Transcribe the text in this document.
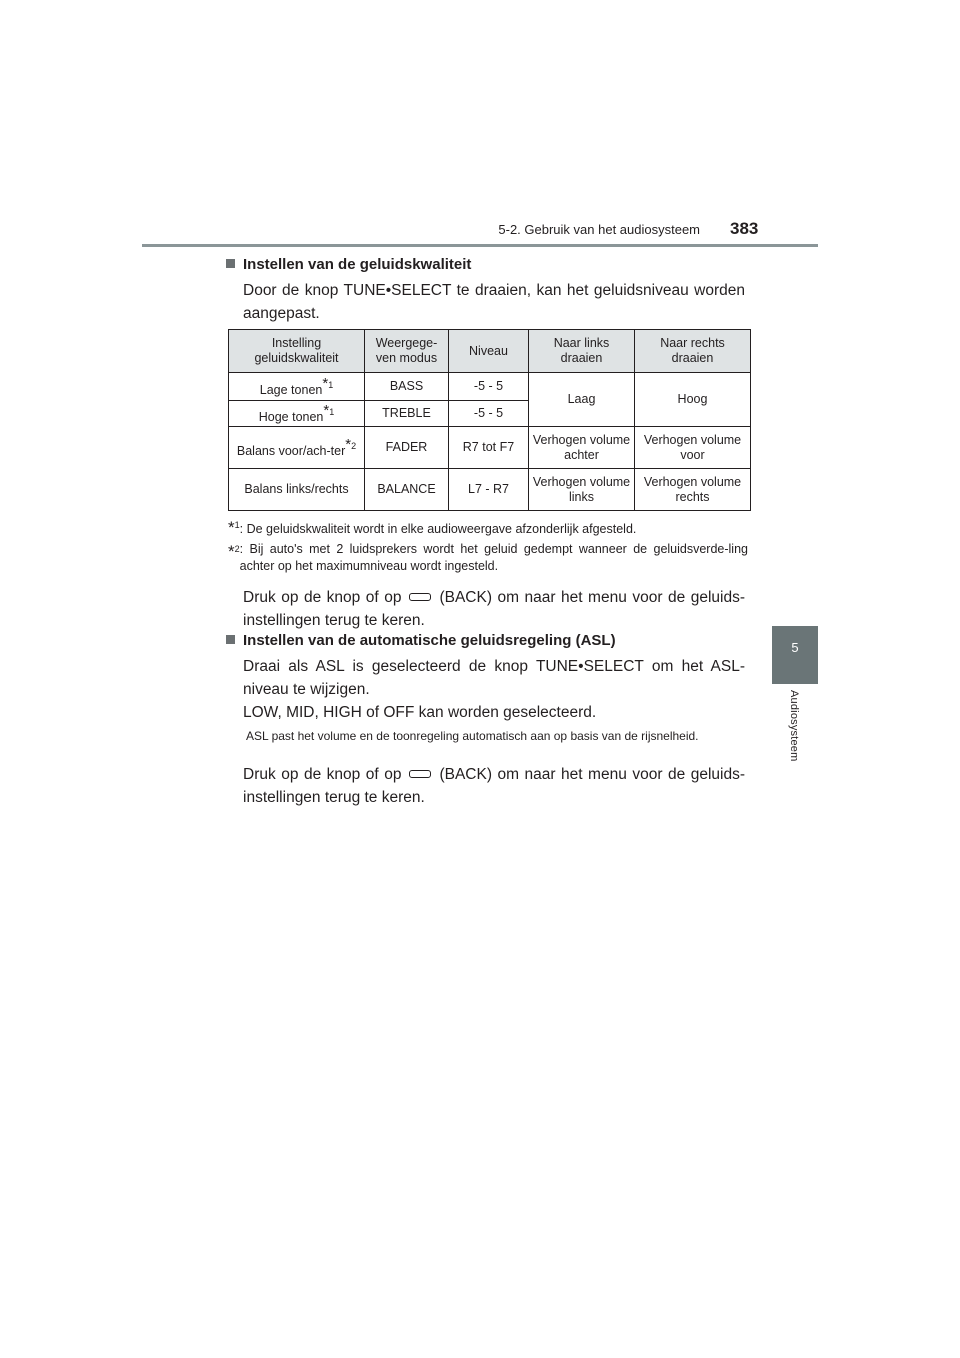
5-2. Gebruik van het audiosysteem 383
5
Audiosysteem
Instellen van de geluidskwaliteit
Door de knop TUNE•SELECT te draaien, kan het geluidsniveau worden aangepast.
Instelling geluidskwaliteit	Weergege-ven modus	Niveau	Naar links draaien	Naar rechts draaien
Lage tonen$^{*1}$	BASS	-5 - 5	Laag	Hoog
Hoge tonen$^{*1}$	TREBLE	-5 - 5		
Balans voor/ach-ter$^{*2}$	FADER	R7 tot F7	Verhogen volume achter	Verhogen volume voor
Balans links/rechts	BALANCE	L7 - R7	Verhogen volume links	Verhogen volume rechts
*$^1$: De geluidskwaliteit wordt in elke audioweergave afzonderlijk afgesteld.
*$^2$ : Bij auto's met 2 luidsprekers wordt het geluid gedempt wanneer de geluidsverde-ling achter op het maximumniveau wordt ingesteld.
Druk op de knop of op (BACK) om naar het menu voor de geluids-instellingen terug te keren.
Instellen van de automatische geluidsregeling (ASL)
Draai als ASL is geselecteerd de knop TUNE•SELECT om het ASL-niveau te wijzigen.
LOW, MID, HIGH of OFF kan worden geselecteerd.
ASL past het volume en de toonregeling automatisch aan op basis van de rijsnelheid.
Druk op de knop of op (BACK) om naar het menu voor de geluids-instellingen terug te keren.
